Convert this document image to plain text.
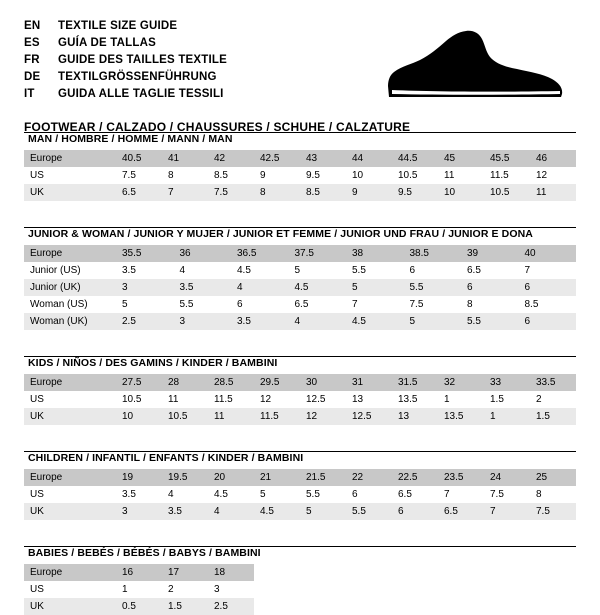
EN	TEXTILE SIZE GUIDE
ES	GUÍA DE TALLAS
FR	GUIDE DES TAILLES TEXTILE
DE	TEXTILGRÖSSENFÜHRUNG
IT	GUIDA ALLE TAGLIE TESSILI
FOOTWEAR / CALZADO / CHAUSSURES / SCHUHE / CALZATURE
MAN / HOMBRE / HOMME / MANN / MAN
Europe	40.5	41	42	42.5	43	44	44.5	45	45.5	46
US	7.5	8	8.5	9	9.5	10	10.5	11	11.5	12
UK	6.5	7	7.5	8	8.5	9	9.5	10	10.5	11
JUNIOR & WOMAN / JUNIOR Y MUJER / JUNIOR ET FEMME / JUNIOR UND FRAU / JUNIOR E DONA
Europe	35.5	36	36.5	37.5	38	38.5	39	40
Junior (US)	3.5	4	4.5	5	5.5	6	6.5	7
Junior (UK)	3	3.5	4	4.5	5	5.5	6	6
Woman (US)	5	5.5	6	6.5	7	7.5	8	8.5
Woman (UK)	2.5	3	3.5	4	4.5	5	5.5	6
KIDS / NIÑOS / DES GAMINS / KINDER / BAMBINI
Europe	27.5	28	28.5	29.5	30	31	31.5	32	33	33.5
US	10.5	11	11.5	12	12.5	13	13.5	1	1.5	2
UK	10	10.5	11	11.5	12	12.5	13	13.5	1	1.5
CHILDREN / INFANTIL / ENFANTS / KINDER / BAMBINI
Europe	19	19.5	20	21	21.5	22	22.5	23.5	24	25
US	3.5	4	4.5	5	5.5	6	6.5	7	7.5	8
UK	3	3.5	4	4.5	5	5.5	6	6.5	7	7.5
BABIES / BEBÉS / BÉBÉS / BABYS / BAMBINI
Europe	16	17	18							
US	1	2	3							
UK	0.5	1.5	2.5							
